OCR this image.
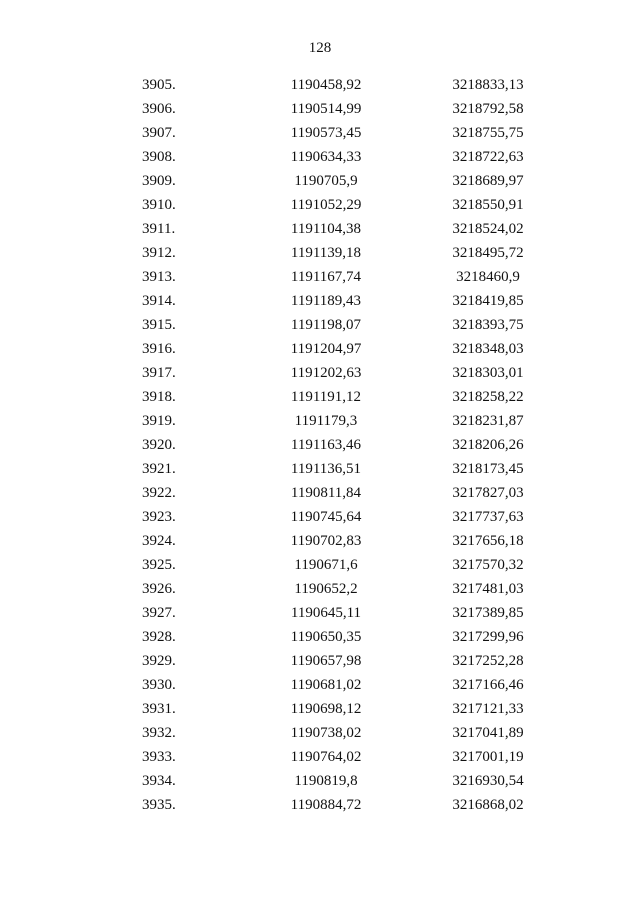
128
3905.	1190458,92	3218833,13
3906.	1190514,99	3218792,58
3907.	1190573,45	3218755,75
3908.	1190634,33	3218722,63
3909.	1190705,9	3218689,97
3910.	1191052,29	3218550,91
3911.	1191104,38	3218524,02
3912.	1191139,18	3218495,72
3913.	1191167,74	3218460,9
3914.	1191189,43	3218419,85
3915.	1191198,07	3218393,75
3916.	1191204,97	3218348,03
3917.	1191202,63	3218303,01
3918.	1191191,12	3218258,22
3919.	1191179,3	3218231,87
3920.	1191163,46	3218206,26
3921.	1191136,51	3218173,45
3922.	1190811,84	3217827,03
3923.	1190745,64	3217737,63
3924.	1190702,83	3217656,18
3925.	1190671,6	3217570,32
3926.	1190652,2	3217481,03
3927.	1190645,11	3217389,85
3928.	1190650,35	3217299,96
3929.	1190657,98	3217252,28
3930.	1190681,02	3217166,46
3931.	1190698,12	3217121,33
3932.	1190738,02	3217041,89
3933.	1190764,02	3217001,19
3934.	1190819,8	3216930,54
3935.	1190884,72	3216868,02
